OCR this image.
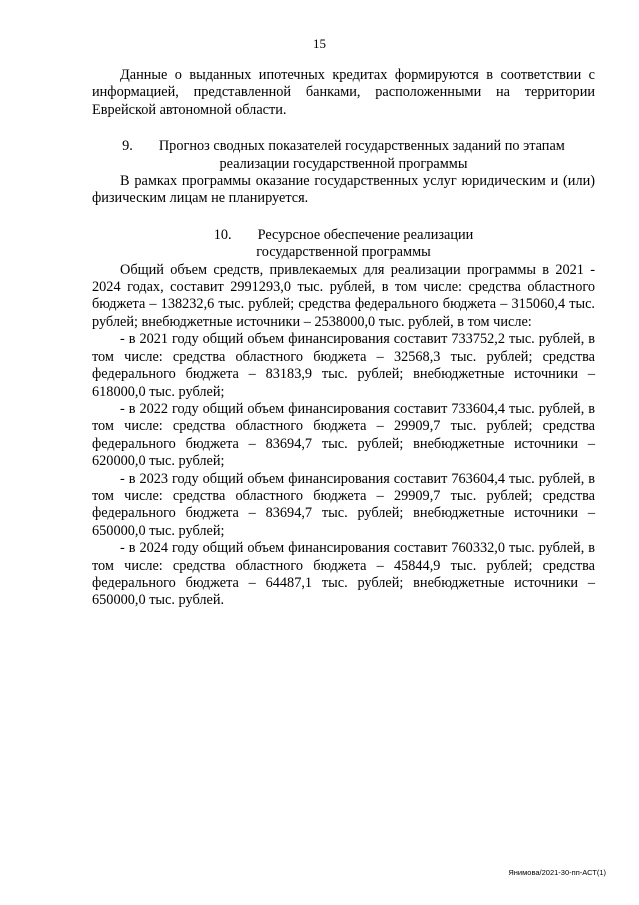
15

Данные о выданных ипотечных кредитах формируются в соответствии с информацией, представленной банками, расположенными на территории Еврейской автономной области.

9. Прогноз сводных показателей государственных заданий по этапам
реализации государственной программы

В рамках программы оказание государственных услуг юридическим и (или) физическим лицам не планируется.

10. Ресурсное обеспечение реализации
государственной программы

Общий объем средств, привлекаемых для реализации программы в 2021 - 2024 годах, составит 2991293,0 тыс. рублей, в том числе: средства областного бюджета – 138232,6 тыс. рублей; средства федерального бюджета – 315060,4 тыс. рублей; внебюджетные источники – 2538000,0 тыс. рублей, в том числе:

- в 2021 году общий объем финансирования составит 733752,2 тыс. рублей, в том числе: средства областного бюджета – 32568,3 тыс. рублей; средства федерального бюджета – 83183,9 тыс. рублей; внебюджетные источники – 618000,0 тыс. рублей;

- в 2022 году общий объем финансирования составит 733604,4 тыс. рублей, в том числе: средства областного бюджета – 29909,7 тыс. рублей; средства федерального бюджета – 83694,7 тыс. рублей; внебюджетные источники – 620000,0 тыс. рублей;

- в 2023 году общий объем финансирования составит 763604,4 тыс. рублей, в том числе: средства областного бюджета – 29909,7 тыс. рублей; средства федерального бюджета – 83694,7 тыс. рублей; внебюджетные источники – 650000,0 тыс. рублей;

- в 2024 году общий объем финансирования составит 760332,0 тыс. рублей, в том числе: средства областного бюджета – 45844,9 тыс. рублей; средства федерального бюджета – 64487,1 тыс. рублей; внебюджетные источники – 650000,0 тыс. рублей.

Янимова/2021-30-пп-АСТ(1)
